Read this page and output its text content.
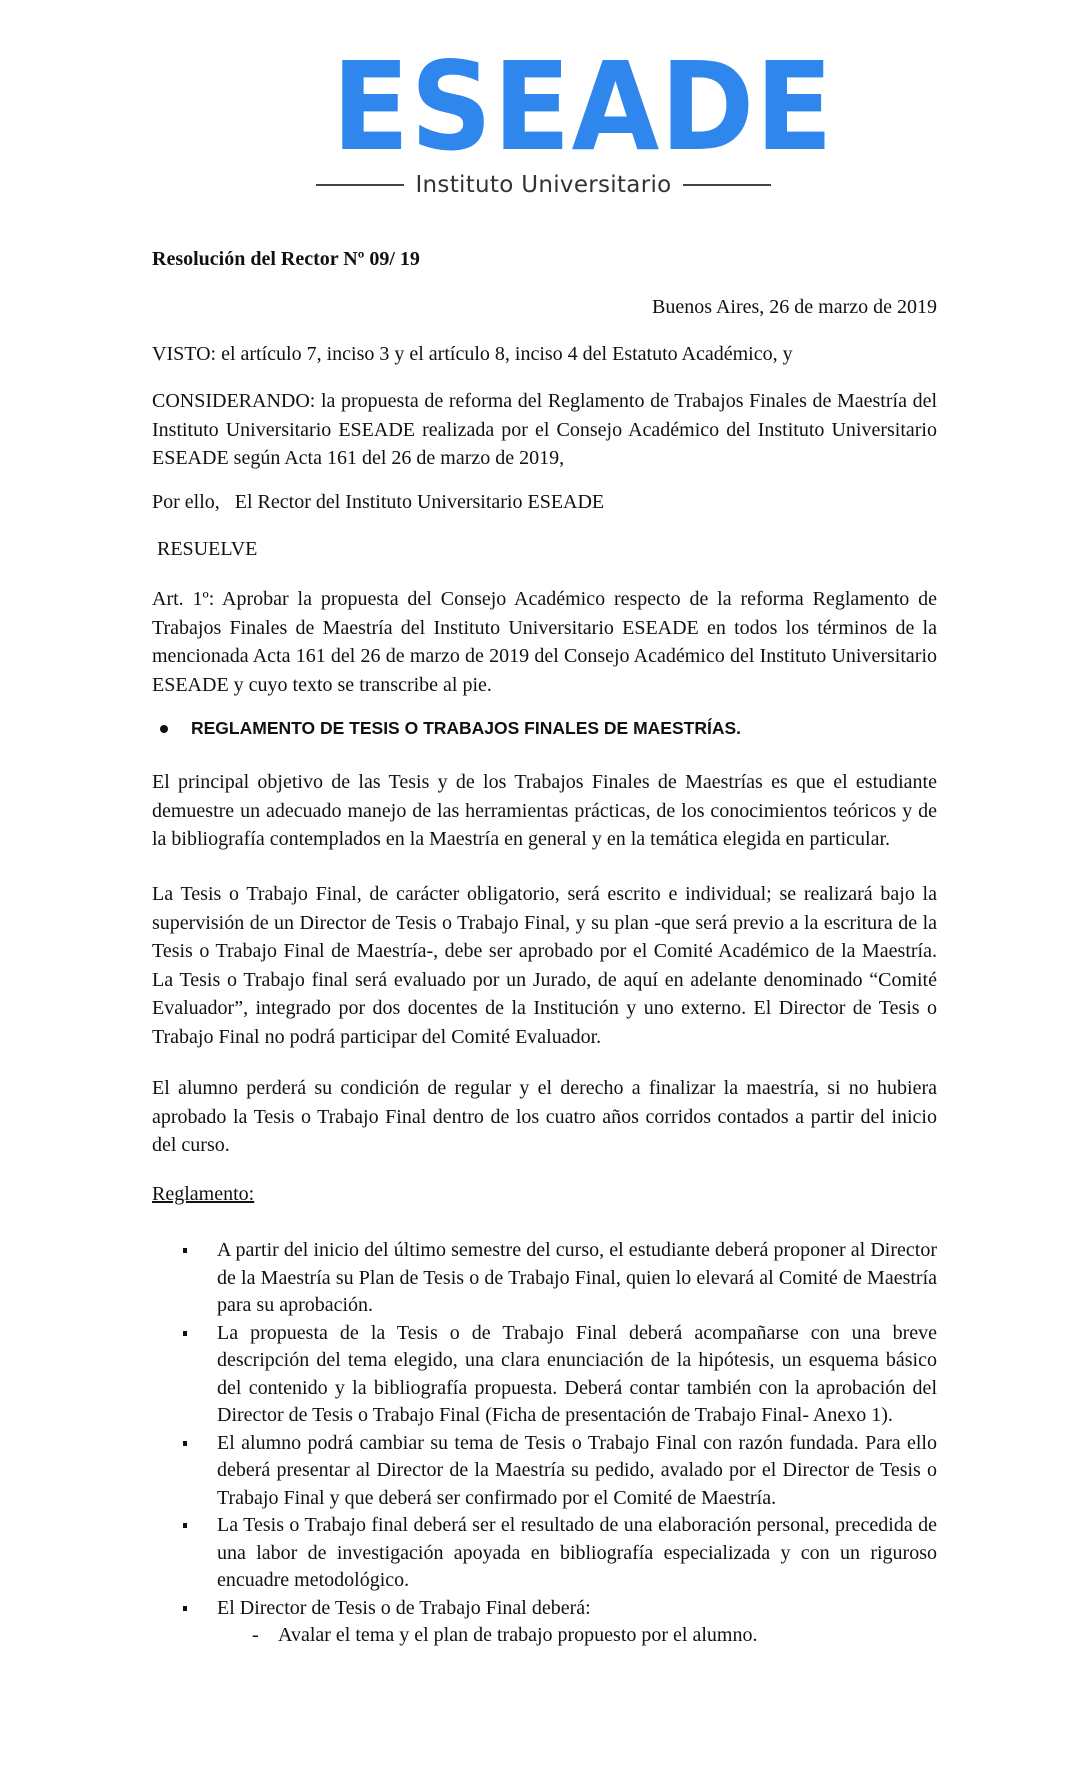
ESEADE
Instituto Universitario
Resolución del Rector Nº 09/ 19
Buenos Aires, 26 de marzo de 2019
VISTO: el artículo 7, inciso 3 y el artículo 8, inciso 4 del Estatuto Académico, y

CONSIDERANDO: la propuesta de reforma del Reglamento de Trabajos Finales de Maestría del Instituto Universitario ESEADE realizada por el Consejo Académico del Instituto Universitario ESEADE según Acta 161 del 26 de marzo de 2019,

Por ello,   El Rector del Instituto Universitario ESEADE
RESUELVE

Art. 1º: Aprobar la propuesta del Consejo Académico respecto de la reforma Reglamento de Trabajos Finales de Maestría del Instituto Universitario ESEADE en todos los términos de la mencionada Acta 161 del 26 de marzo de 2019 del Consejo Académico del Instituto Universitario ESEADE y cuyo texto se transcribe al pie.

REGLAMENTO DE TESIS O TRABAJOS FINALES DE MAESTRÍAS.

El principal objetivo de las Tesis y de los Trabajos Finales de Maestrías es que el estudiante demuestre un adecuado manejo de las herramientas prácticas, de los conocimientos teóricos y de la bibliografía contemplados en la Maestría en general y en la temática elegida en particular.

La Tesis o Trabajo Final, de carácter obligatorio, será escrito e individual; se realizará bajo la supervisión de un Director de Tesis o Trabajo Final, y su plan -que será previo a la escritura de la Tesis o Trabajo Final de Maestría-, debe ser aprobado por el Comité Académico de la Maestría. La Tesis o Trabajo final será evaluado por un Jurado, de aquí en adelante denominado “Comité Evaluador”, integrado por dos docentes de la Institución y uno externo. El Director de Tesis o Trabajo Final no podrá participar del Comité Evaluador.

El alumno perderá su condición de regular y el derecho a finalizar la maestría, si no hubiera aprobado la Tesis o Trabajo Final dentro de los cuatro años corridos contados a partir del inicio del curso.

Reglamento:
A partir del inicio del último semestre del curso, el estudiante deberá proponer al Director de la Maestría su Plan de Tesis o de Trabajo Final, quien lo elevará al Comité de Maestría para su aprobación.
La propuesta de la Tesis o de Trabajo Final deberá acompañarse con una breve descripción del tema elegido, una clara enunciación de la hipótesis, un esquema básico del contenido y la bibliografía propuesta. Deberá contar también con la aprobación del Director de Tesis o Trabajo Final (Ficha de presentación de Trabajo Final- Anexo 1).
El alumno podrá cambiar su tema de Tesis o Trabajo Final con razón fundada. Para ello deberá presentar al Director de la Maestría su pedido, avalado por el Director de Tesis o Trabajo Final y que deberá ser confirmado por el Comité de Maestría.
La Tesis o Trabajo final deberá ser el resultado de una elaboración personal, precedida de una labor de investigación apoyada en bibliografía especializada y con un riguroso encuadre metodológico.
El Director de Tesis o de Trabajo Final deberá:
- Avalar el tema y el plan de trabajo propuesto por el alumno.
